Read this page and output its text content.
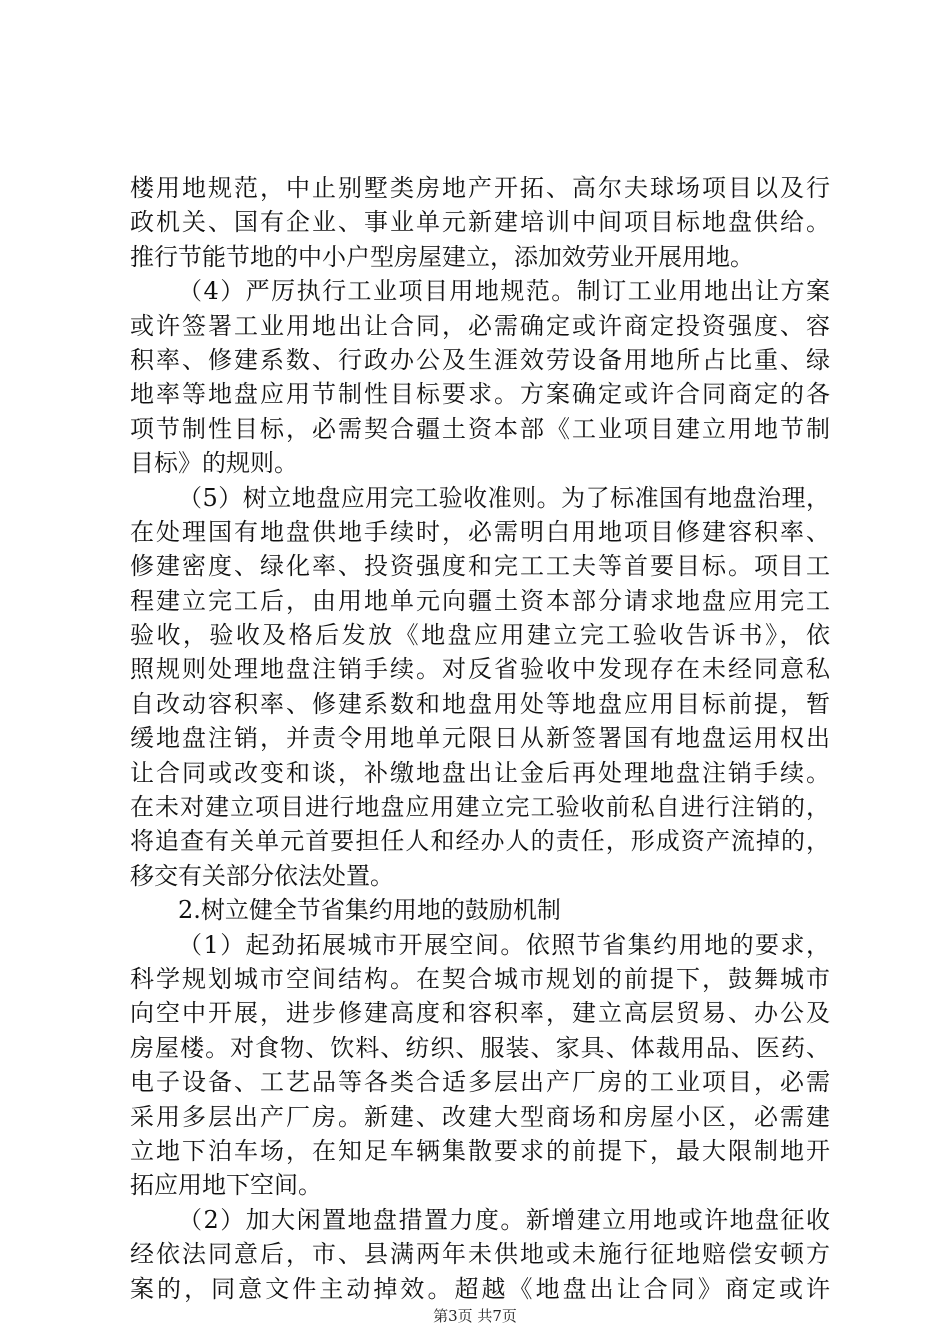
楼用地规范，中止别墅类房地产开拓、高尔夫球场项目以及行
政机关、国有企业、事业单元新建培训中间项目标地盘供给。
推行节能节地的中小户型房屋建立，添加效劳业开展用地。
（4）严厉执行工业项目用地规范。制订工业用地出让方案
或许签署工业用地出让合同，必需确定或许商定投资强度、容
积率、修建系数、行政办公及生涯效劳设备用地所占比重、绿
地率等地盘应用节制性目标要求。方案确定或许合同商定的各
项节制性目标，必需契合疆土资本部《工业项目建立用地节制
目标》的规则。
（5）树立地盘应用完工验收准则。为了标准国有地盘治理，
在处理国有地盘供地手续时，必需明白用地项目修建容积率、
修建密度、绿化率、投资强度和完工工夫等首要目标。项目工
程建立完工后，由用地单元向疆土资本部分请求地盘应用完工
验收，验收及格后发放《地盘应用建立完工验收告诉书》，依
照规则处理地盘注销手续。对反省验收中发现存在未经同意私
自改动容积率、修建系数和地盘用处等地盘应用目标前提，暂
缓地盘注销，并责令用地单元限日从新签署国有地盘运用权出
让合同或改变和谈，补缴地盘出让金后再处理地盘注销手续。
在未对建立项目进行地盘应用建立完工验收前私自进行注销的，
将追查有关单元首要担任人和经办人的责任，形成资产流掉的，
移交有关部分依法处置。
2.树立健全节省集约用地的鼓励机制
（1）起劲拓展城市开展空间。依照节省集约用地的要求，
科学规划城市空间结构。在契合城市规划的前提下，鼓舞城市
向空中开展，进步修建高度和容积率，建立高层贸易、办公及
房屋楼。对食物、饮料、纺织、服装、家具、体裁用品、医药、
电子设备、工艺品等各类合适多层出产厂房的工业项目，必需
采用多层出产厂房。新建、改建大型商场和房屋小区，必需建
立地下泊车场，在知足车辆集散要求的前提下，最大限制地开
拓应用地下空间。
（2）加大闲置地盘措置力度。新增建立用地或许地盘征收
经依法同意后，市、县满两年未供地或未施行征地赔偿安顿方
案的，同意文件主动掉效。超越《地盘出让合同》商定或许
第3页 共7页
